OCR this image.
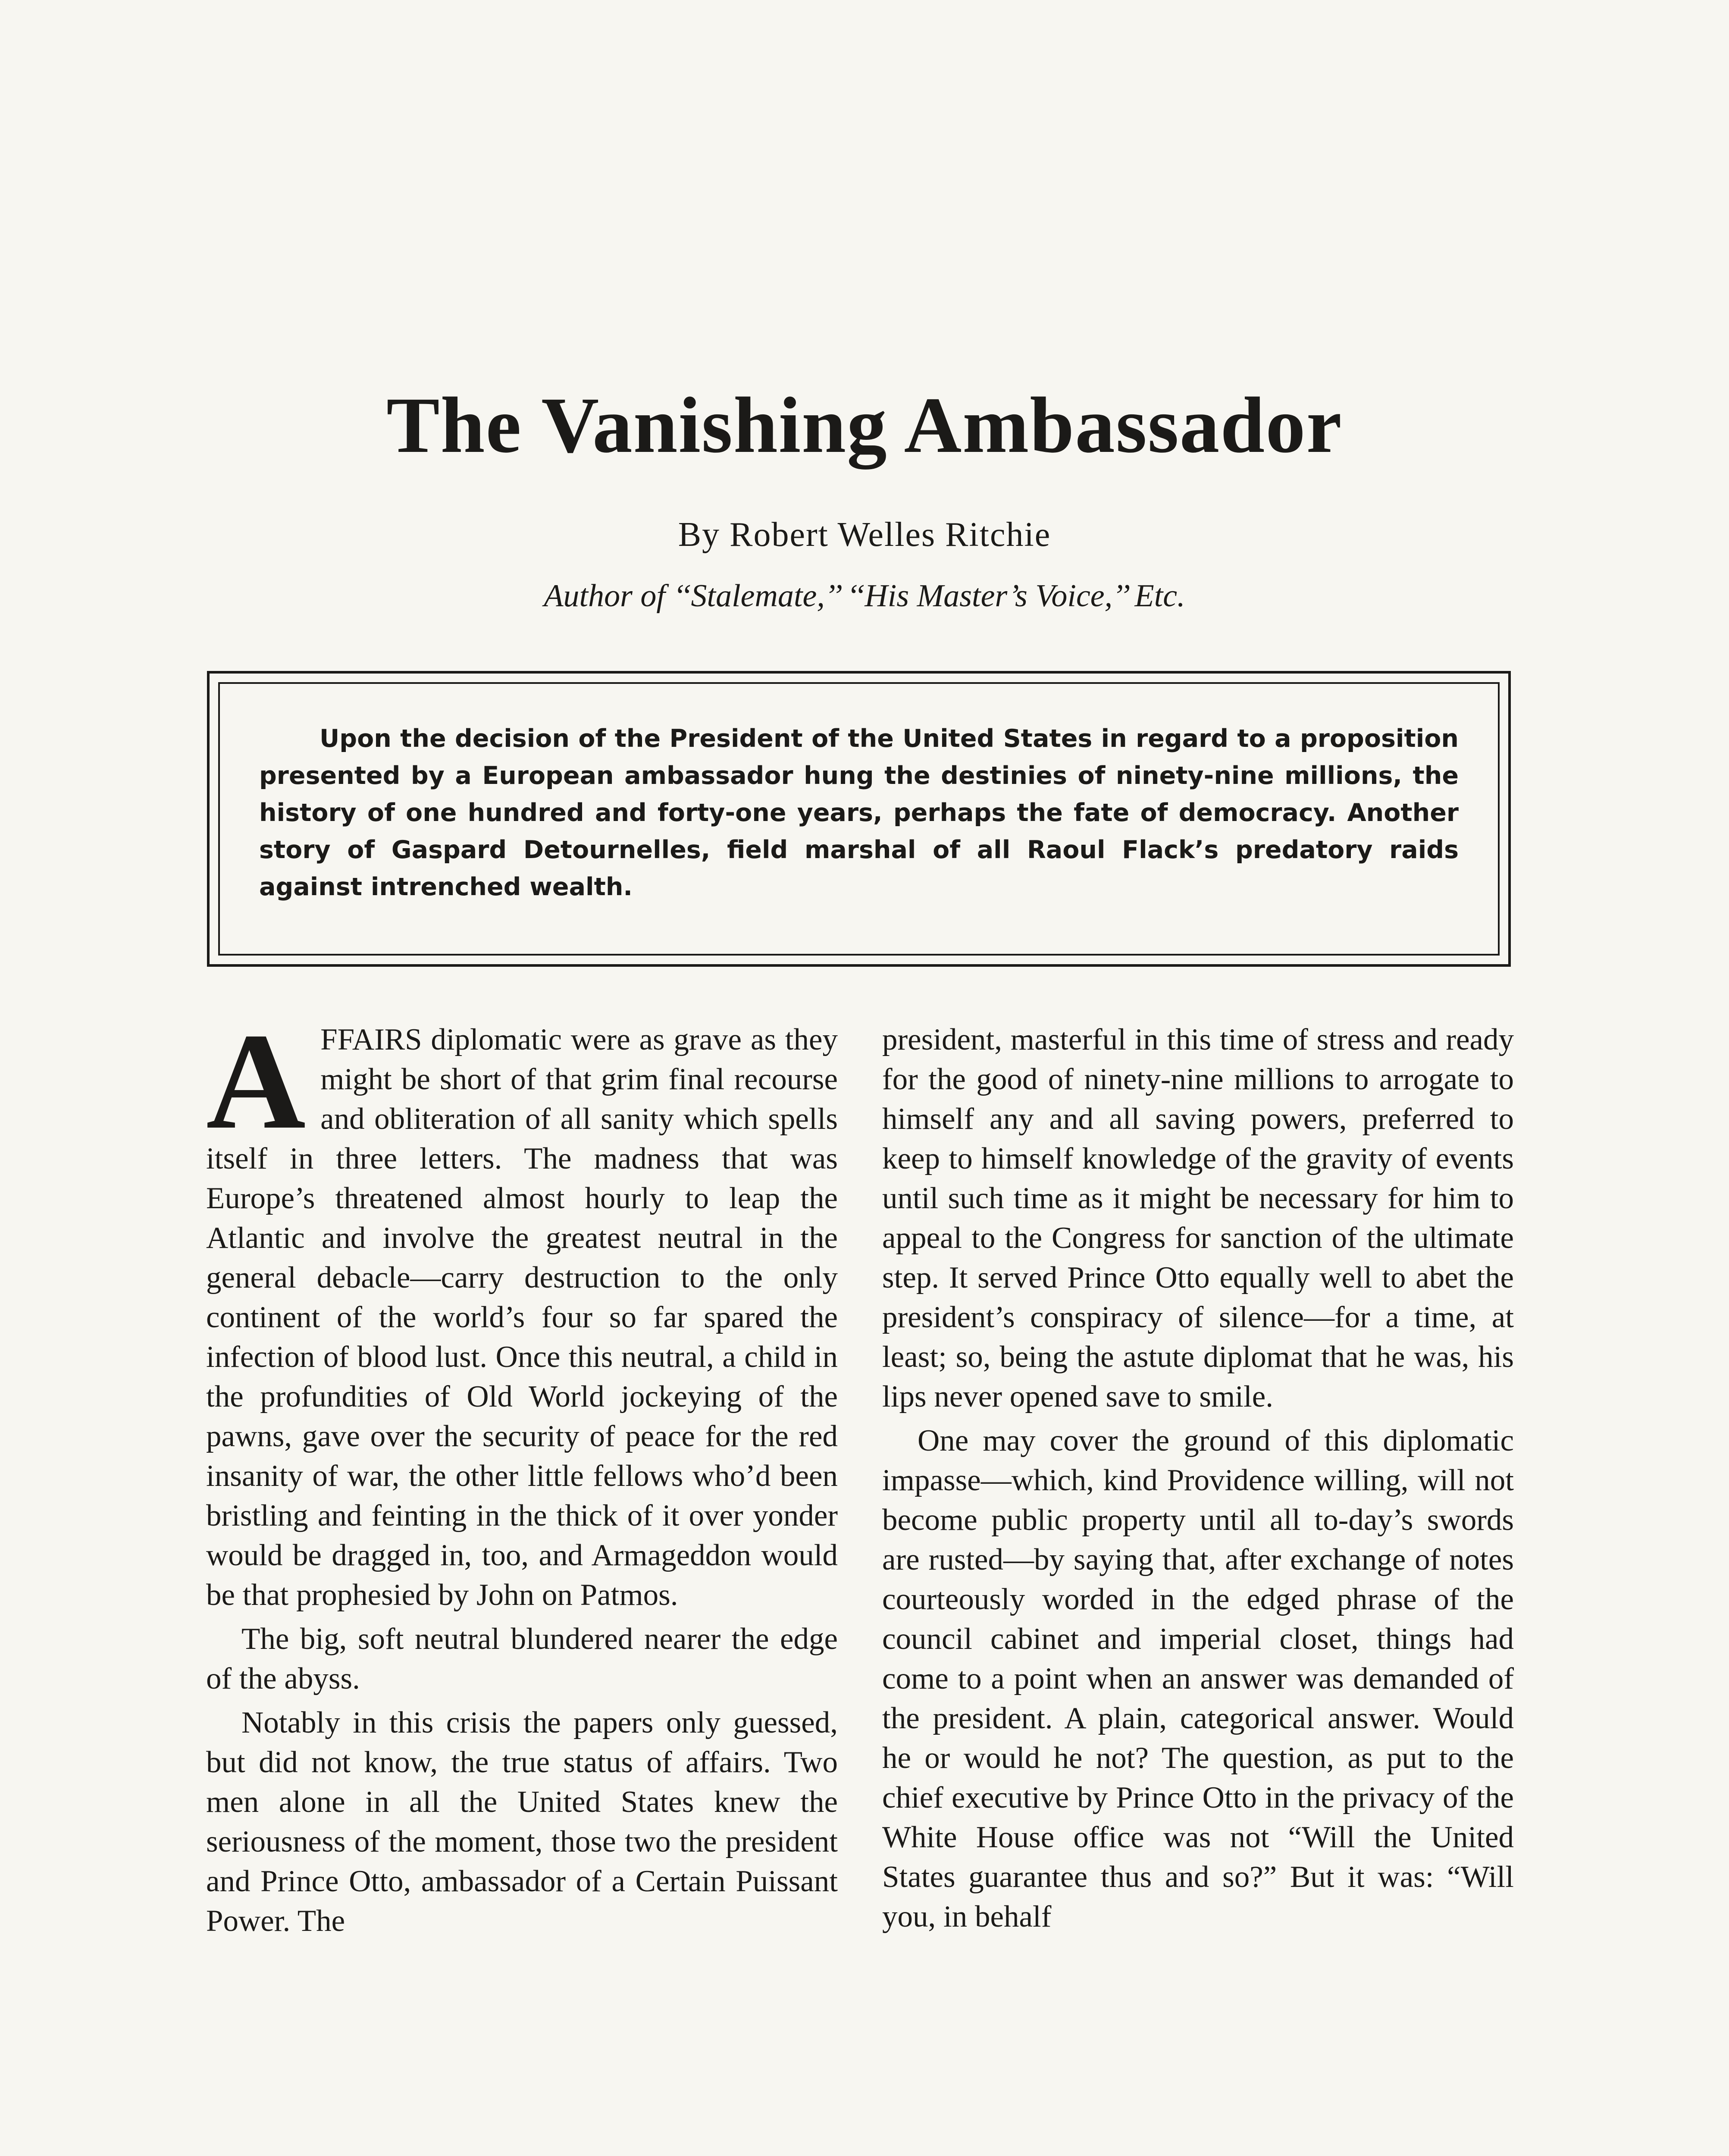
The Vanishing Ambassador
By Robert Welles Ritchie
Author of ‘‘Stalemate,’’ ‘‘His Master’s Voice,’’ Etc.

Upon the decision of the President of the United States in regard to a proposition presented by a European ambassador hung the destinies of ninety-nine millions, the history of one hundred and forty-one years, perhaps the fate of democracy. Another story of Gaspard Detournelles, field marshal of all Raoul Flack’s predatory raids against intrenched wealth.

AFFAIRS diplomatic were as grave as they might be short of that grim final recourse and obliteration of all sanity which spells itself in three letters. The madness that was Europe’s threatened almost hourly to leap the Atlantic and involve the greatest neutral in the general debacle—carry destruction to the only continent of the world’s four so far spared the infection of blood lust. Once this neutral, a child in the profundities of Old World jockeying of the pawns, gave over the security of peace for the red insanity of war, the other little fellows who’d been bristling and feinting in the thick of it over yonder would be dragged in, too, and Armageddon would be that prophesied by John on Patmos.

The big, soft neutral blundered nearer the edge of the abyss.

Notably in this crisis the papers only guessed, but did not know, the true status of affairs. Two men alone in all the United States knew the seriousness of the moment, those two the president and Prince Otto, ambassador of a Certain Puissant Power. The

president, masterful in this time of stress and ready for the good of ninety-nine millions to arrogate to himself any and all saving powers, preferred to keep to himself knowledge of the gravity of events until such time as it might be necessary for him to appeal to the Congress for sanction of the ultimate step. It served Prince Otto equally well to abet the president’s conspiracy of silence—for a time, at least; so, being the astute diplomat that he was, his lips never opened save to smile.

One may cover the ground of this diplomatic impasse—which, kind Providence willing, will not become public property until all to-day’s swords are rusted—by saying that, after exchange of notes courteously worded in the edged phrase of the council cabinet and imperial closet, things had come to a point when an answer was demanded of the president. A plain, categorical answer. Would he or would he not? The question, as put to the chief executive by Prince Otto in the privacy of the White House office was not “Will the United States guarantee thus and so?” But it was: “Will you, in behalf
